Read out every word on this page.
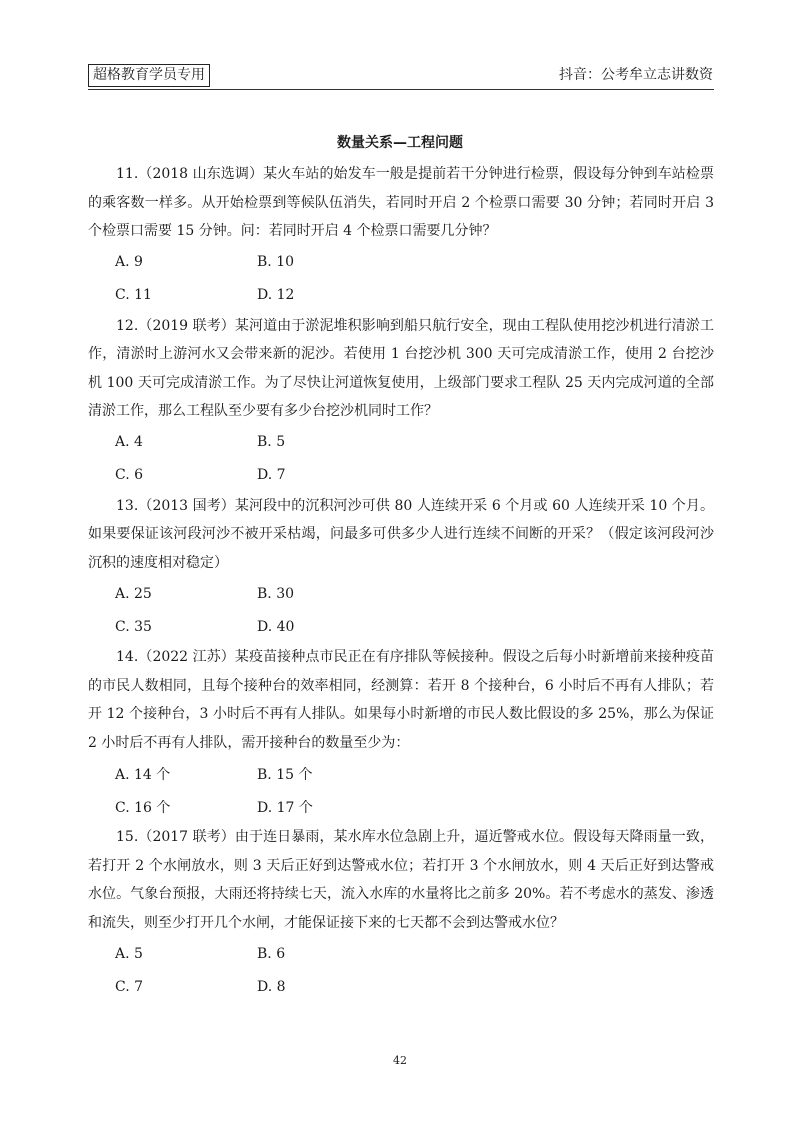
超格教育学员专用	抖音：公考牟立志讲数资
数量关系—工程问题

11.（2018 山东选调）某火车站的始发车一般是提前若干分钟进行检票，假设每分钟到车站检票的乘客数一样多。从开始检票到等候队伍消失，若同时开启 2 个检票口需要 30 分钟；若同时开启 3 个检票口需要 15 分钟。问：若同时开启 4 个检票口需要几分钟？

A. 9	B. 10
C. 11	D. 12

12.（2019 联考）某河道由于淤泥堆积影响到船只航行安全，现由工程队使用挖沙机进行清淤工作，清淤时上游河水又会带来新的泥沙。若使用 1 台挖沙机 300 天可完成清淤工作，使用 2 台挖沙机 100 天可完成清淤工作。为了尽快让河道恢复使用，上级部门要求工程队 25 天内完成河道的全部清淤工作，那么工程队至少要有多少台挖沙机同时工作？

A. 4	B. 5
C. 6	D. 7

13.（2013 国考）某河段中的沉积河沙可供 80 人连续开采 6 个月或 60 人连续开采 10 个月。如果要保证该河段河沙不被开采枯竭，问最多可供多少人进行连续不间断的开采？（假定该河段河沙沉积的速度相对稳定）

A. 25	B. 30
C. 35	D. 40

14.（2022 江苏）某疫苗接种点市民正在有序排队等候接种。假设之后每小时新增前来接种疫苗的市民人数相同，且每个接种台的效率相同，经测算：若开 8 个接种台，6 小时后不再有人排队；若开 12 个接种台，3 小时后不再有人排队。如果每小时新增的市民人数比假设的多 25%，那么为保证 2 小时后不再有人排队，需开接种台的数量至少为：

A. 14 个	B. 15 个
C. 16 个	D. 17 个

15.（2017 联考）由于连日暴雨，某水库水位急剧上升，逼近警戒水位。假设每天降雨量一致，若打开 2 个水闸放水，则 3 天后正好到达警戒水位；若打开 3 个水闸放水，则 4 天后正好到达警戒水位。气象台预报，大雨还将持续七天，流入水库的水量将比之前多 20%。若不考虑水的蒸发、渗透和流失，则至少打开几个水闸，才能保证接下来的七天都不会到达警戒水位？

A. 5	B. 6
C. 7	D. 8
42
